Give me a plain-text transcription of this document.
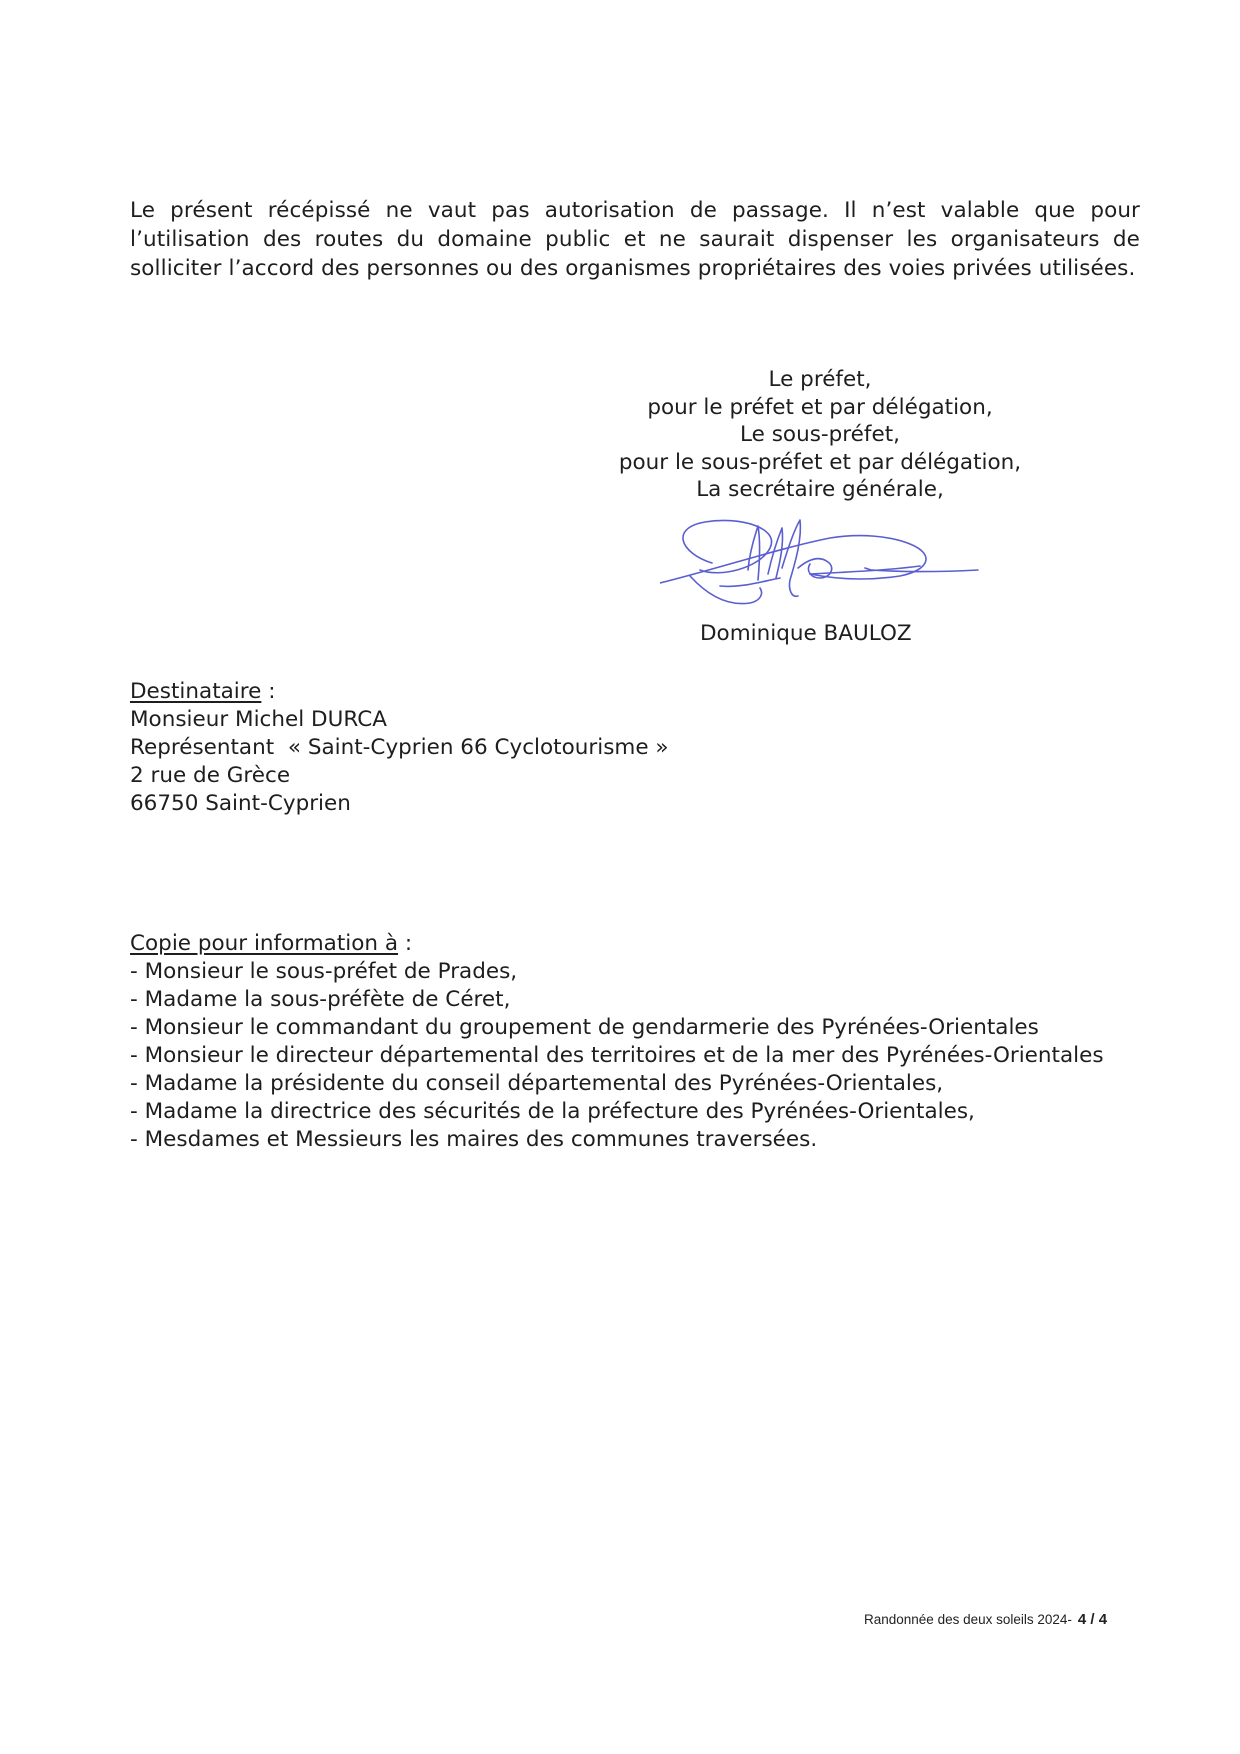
Le présent récépissé ne vaut pas autorisation de passage. Il n’est valable que pour l’utilisation des routes du domaine public et ne saurait dispenser les organisateurs de solliciter l’accord des personnes ou des organismes propriétaires des voies privées utilisées.

Le préfet,
pour le préfet et par délégation,
Le sous-préfet,
pour le sous-préfet et par délégation,
La secrétaire générale,
Dominique BAULOZ
Destinataire :
Monsieur Michel DURCA
Représentant  « Saint-Cyprien 66 Cyclotourisme »
2 rue de Grèce
66750 Saint-Cyprien
Copie pour information à :
- Monsieur le sous-préfet de Prades,
- Madame la sous-préfète de Céret,
- Monsieur le commandant du groupement de gendarmerie des Pyrénées-Orientales
- Monsieur le directeur départemental des territoires et de la mer des Pyrénées-Orientales
- Madame la présidente du conseil départemental des Pyrénées-Orientales,
- Madame la directrice des sécurités de la préfecture des Pyrénées-Orientales,
- Mesdames et Messieurs les maires des communes traversées.
Randonnée des deux soleils 2024- 4 / 4
